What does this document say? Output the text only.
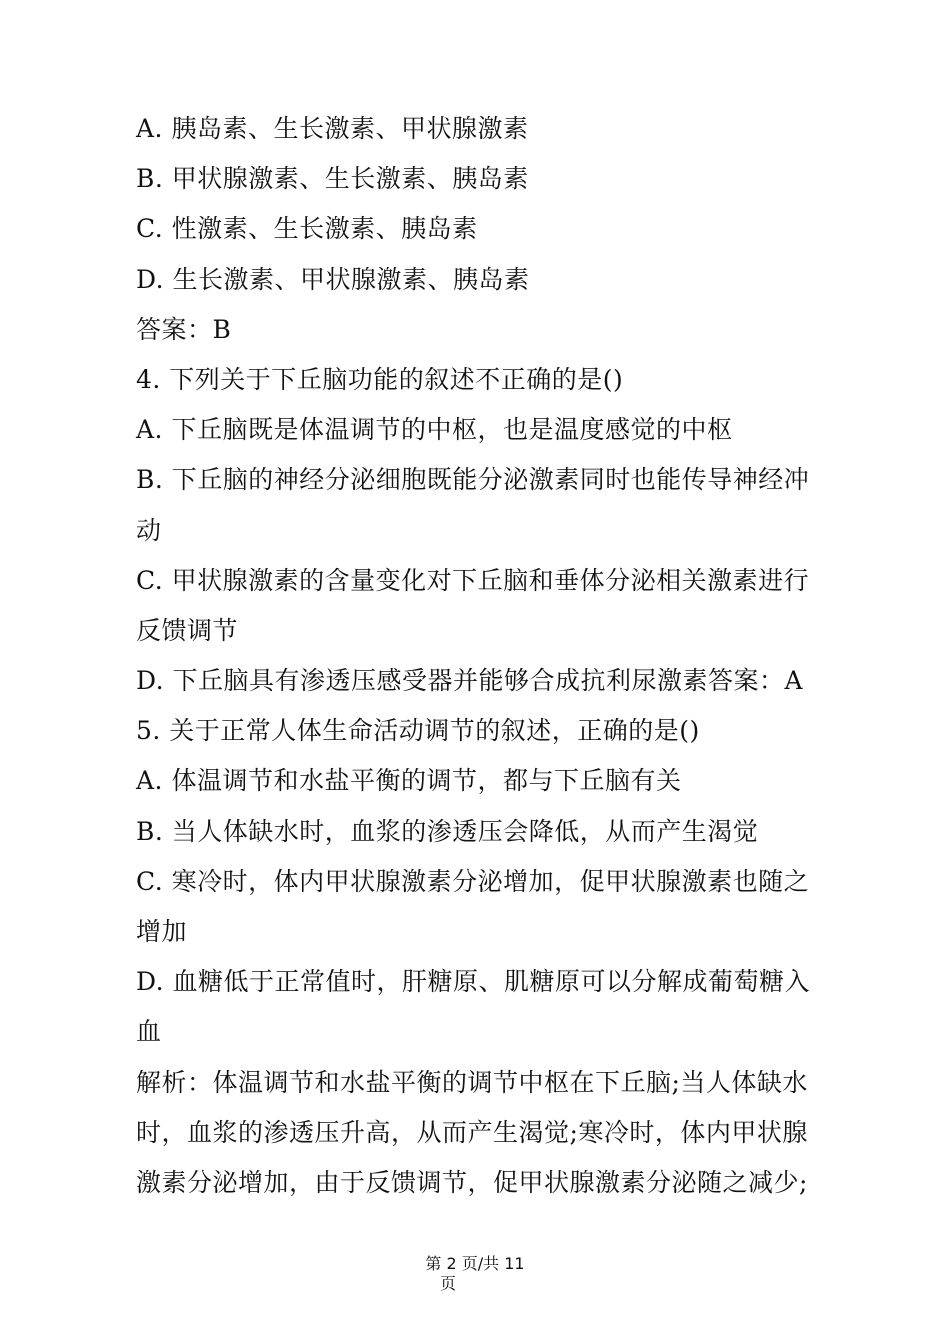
A. 胰岛素、生长激素、甲状腺激素
B. 甲状腺激素、生长激素、胰岛素
C. 性激素、生长激素、胰岛素
D. 生长激素、甲状腺激素、胰岛素
答案：B
4. 下列关于下丘脑功能的叙述不正确的是()
A. 下丘脑既是体温调节的中枢，也是温度感觉的中枢
B. 下丘脑的神经分泌细胞既能分泌激素同时也能传导神经冲
动
C. 甲状腺激素的含量变化对下丘脑和垂体分泌相关激素进行
反馈调节
D. 下丘脑具有渗透压感受器并能够合成抗利尿激素答案：A
5. 关于正常人体生命活动调节的叙述，正确的是()
A. 体温调节和水盐平衡的调节，都与下丘脑有关
B. 当人体缺水时，血浆的渗透压会降低，从而产生渴觉
C. 寒冷时，体内甲状腺激素分泌增加，促甲状腺激素也随之
增加
D. 血糖低于正常值时，肝糖原、肌糖原可以分解成葡萄糖入
血
解析：体温调节和水盐平衡的调节中枢在下丘脑;当人体缺水
时，血浆的渗透压升高，从而产生渴觉;寒冷时，体内甲状腺
激素分泌增加，由于反馈调节，促甲状腺激素分泌随之减少;
第 2 页/共 11
页
